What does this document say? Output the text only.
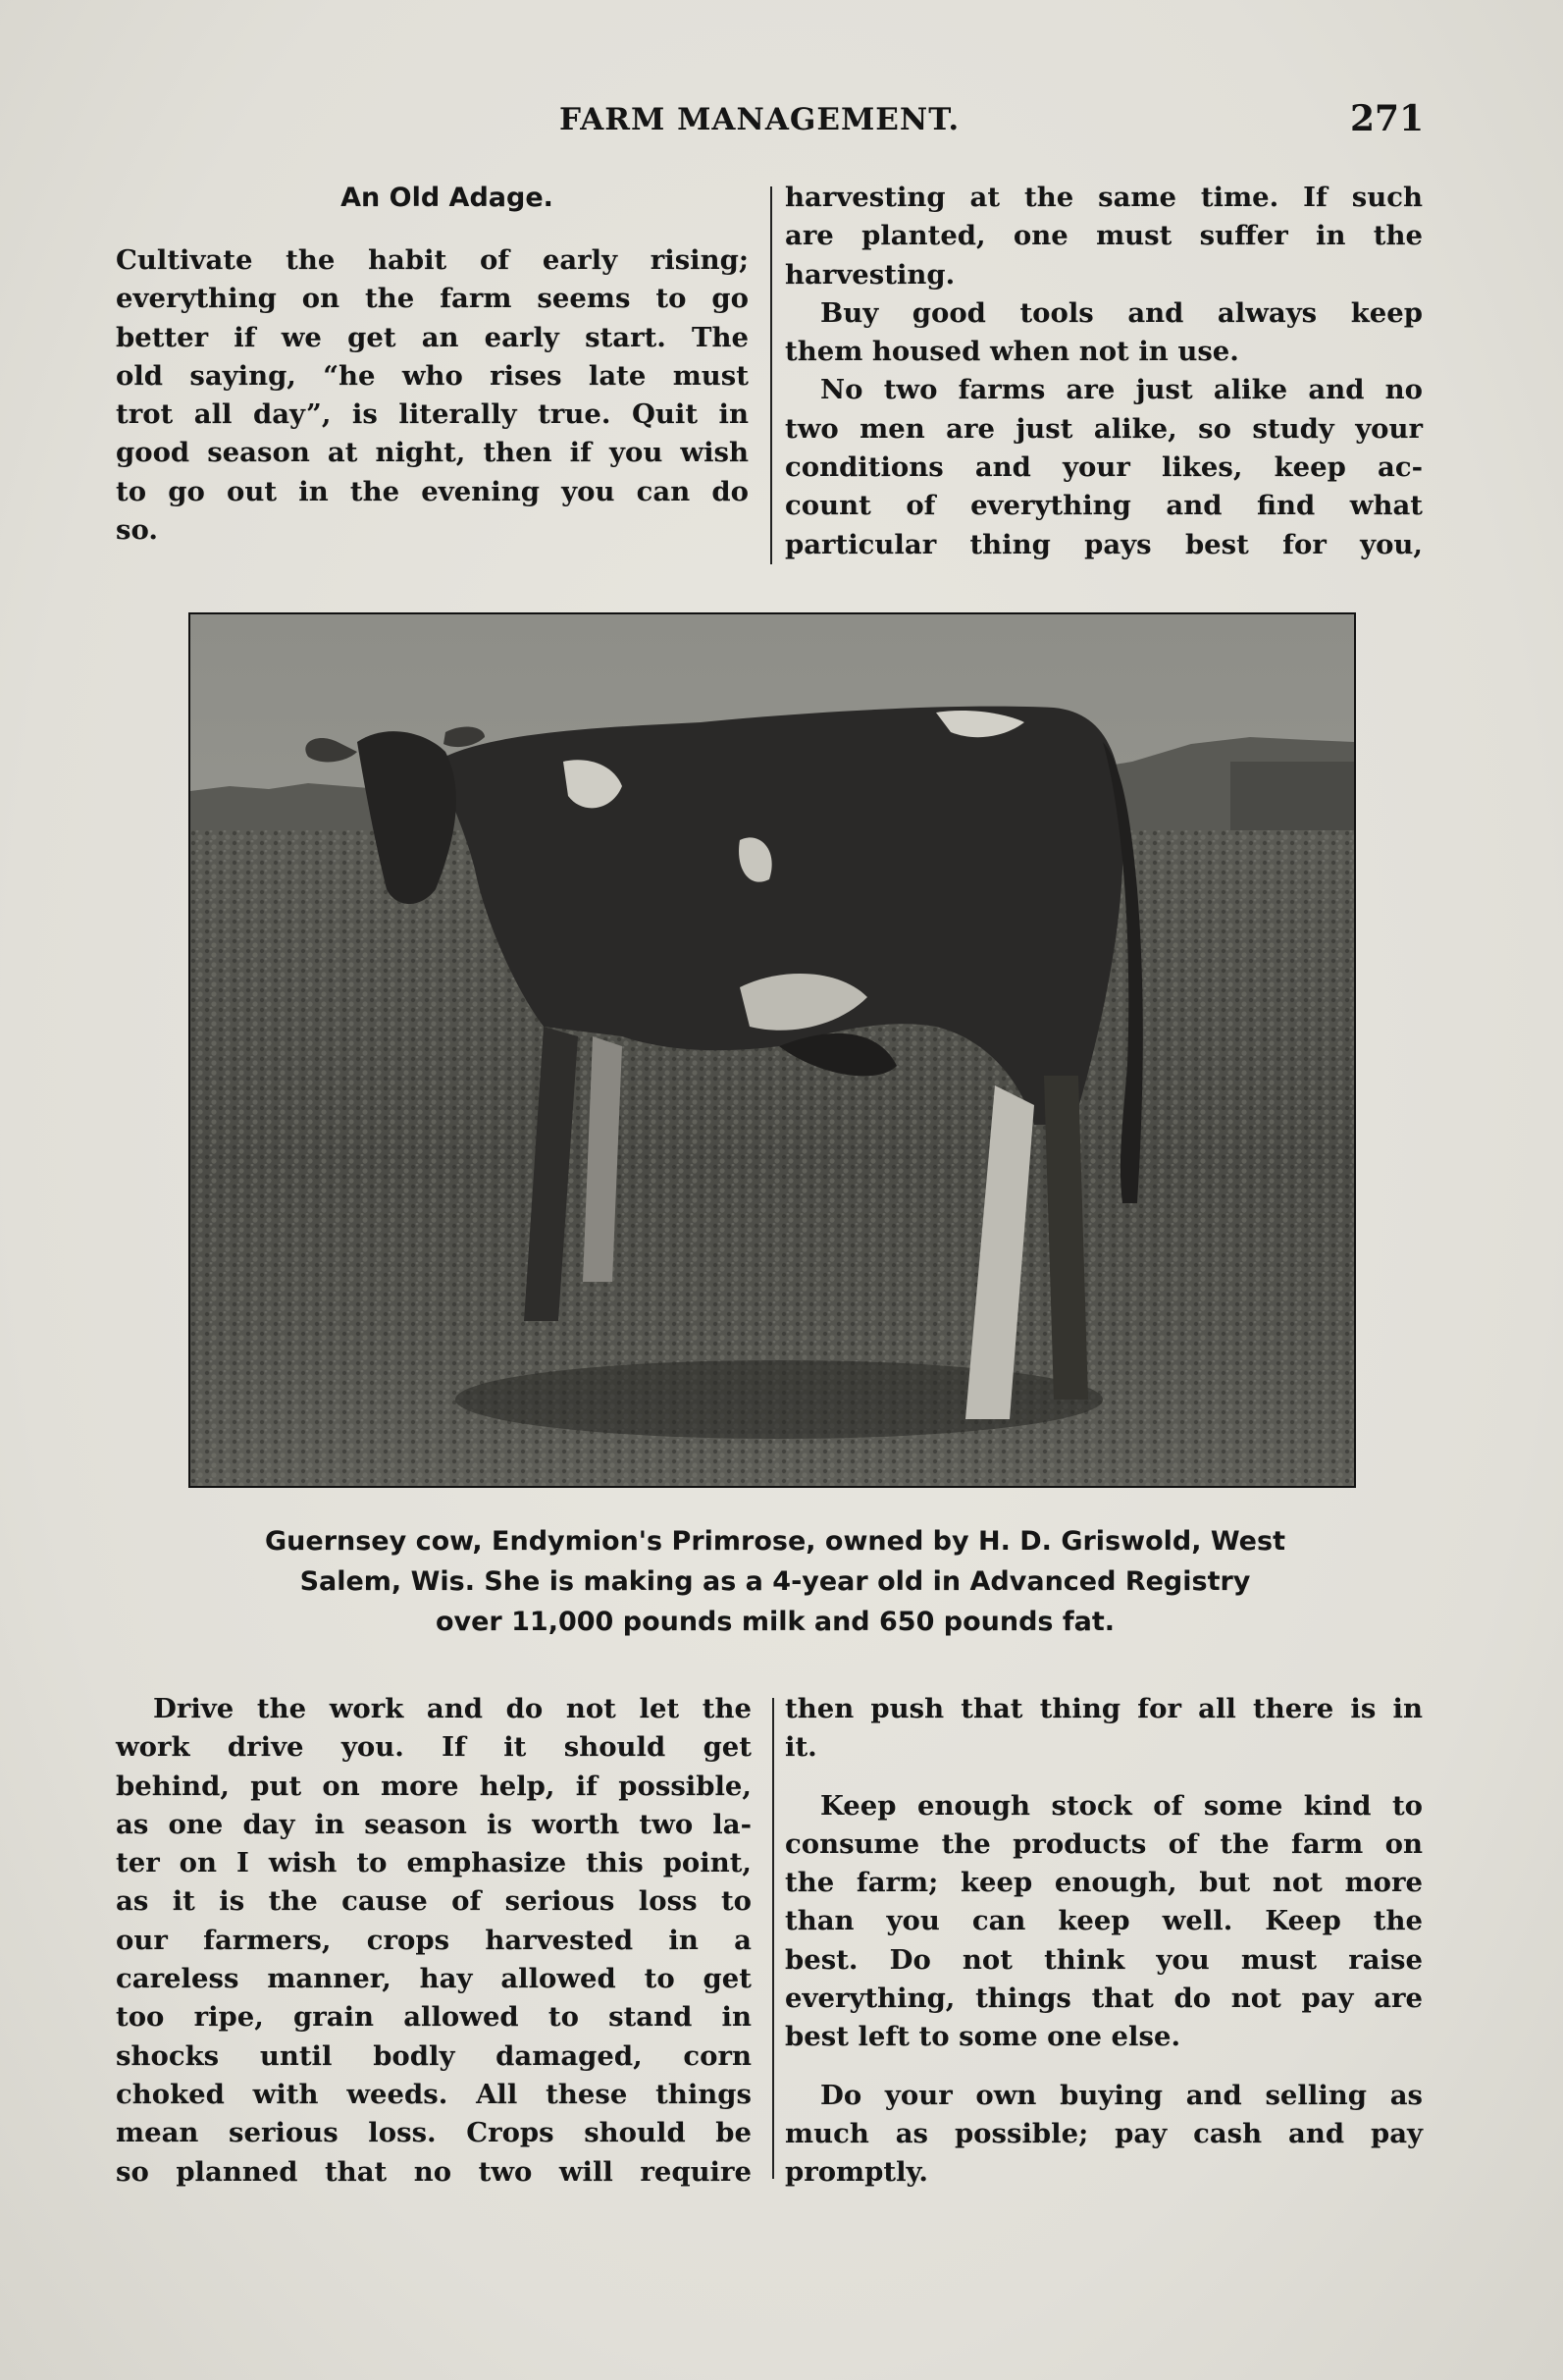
FARM MANAGEMENT.	271
An Old Adage.

Cultivate the habit of early rising;
everything on the farm seems to go
better if we get an early start. The
old saying, “he who rises late must
trot all day”, is literally true. Quit in
good season at night, then if you wish
to go out in the evening you can do
so.

harvesting at the same time. If such
are planted, one must suffer in the
harvesting.

Buy good tools and always keep
them housed when not in use.

No two farms are just alike and no
two men are just alike, so study your
conditions and your likes, keep ac-
count of everything and find what
particular thing pays best for you,

Guernsey cow, Endymion's Primrose, owned by H. D. Griswold, West
Salem, Wis. She is making as a 4-year old in Advanced Registry
over 11,000 pounds milk and 650 pounds fat.

Drive the work and do not let the
work drive you. If it should get
behind, put on more help, if possible,
as one day in season is worth two la-
ter on I wish to emphasize this point,
as it is the cause of serious loss to
our farmers, crops harvested in a
careless manner, hay allowed to get
too ripe, grain allowed to stand in
shocks until bodly damaged, corn
choked with weeds. All these things
mean serious loss. Crops should be
so planned that no two will require

then push that thing for all there is in
it.

Keep enough stock of some kind to
consume the products of the farm on
the farm; keep enough, but not more
than you can keep well. Keep the
best. Do not think you must raise
everything, things that do not pay are
best left to some one else.

Do your own buying and selling as
much as possible; pay cash and pay
promptly.
